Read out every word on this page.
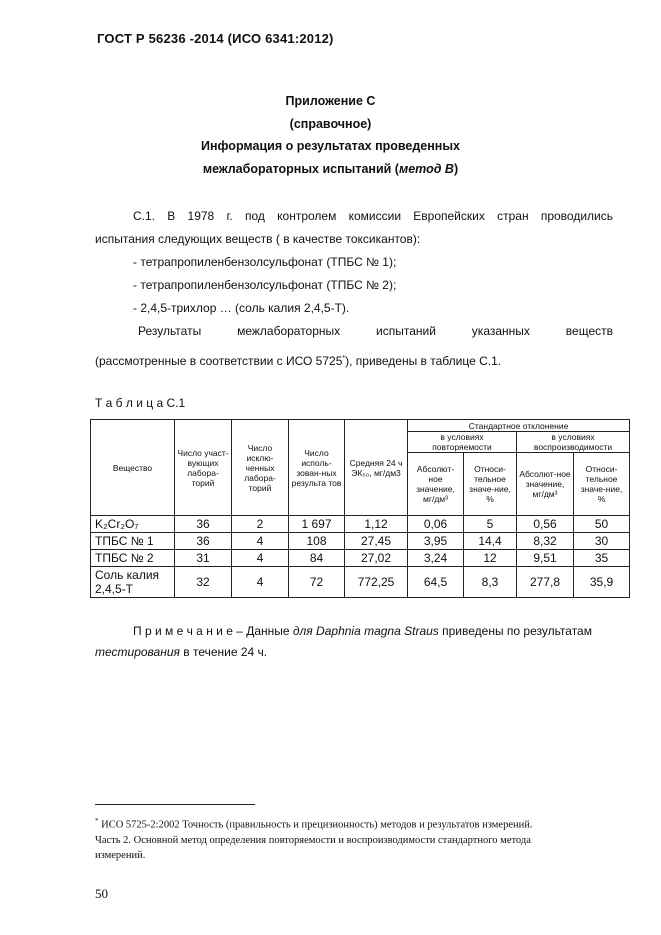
ГОСТ Р 56236 -2014 (ИСО 6341:2012)
Приложение С
(справочное)
Информация о результатах проведенных
межлабораторных испытаний (метод В)
С.1. В 1978 г. под контролем комиссии Европейских стран проводились
испытания следующих веществ ( в качестве токсикантов):
- тетрапропиленбензолсульфонат (ТПБС № 1);
- тетрапропиленбензолсульфонат (ТПБС № 2);
- 2,4,5-трихлор … (соль калия 2,4,5-Т).
Результаты межлабораторных испытаний указанных веществ
(рассмотренные в соответствии с ИСО 5725*), приведены в таблице С.1.
Т а б л и ц а С.1
Вещество	Число участ-вующих лабора-торий	Число исклю-ченных лабора-торий	Число исполь-зован-ных результа тов	Средняя 24 ч ЭК₅₀, мг/дм3	Стандартное отклонение			
					в условиях повторяемости		в условиях воспроизводимости	
					Абсолют-ное значение, мг/дм³	Относи-тельное значе-ние, %	Абсолют-ное значение, мг/дм³	Относи-тельное значе-ние, %
K₂Cr₂O₇	36	2	1 697	1,12	0,06	5	0,56	50
ТПБС № 1	36	4	108	27,45	3,95	14,4	8,32	30
ТПБС № 2	31	4	84	27,02	3,24	12	9,51	35
Соль калия 2,4,5-Т	32	4	72	772,25	64,5	8,3	277,8	35,9
П р и м е ч а н и е – Данные для Daphnia magna Straus приведены по результатам
тестирования в течение 24 ч.
* ИСО 5725-2:2002 Точность (правильность и прецизионность) методов и результатов измерений.
Часть 2. Основной метод определения повторяемости и воспроизводимости стандартного метода
измерений.
50
